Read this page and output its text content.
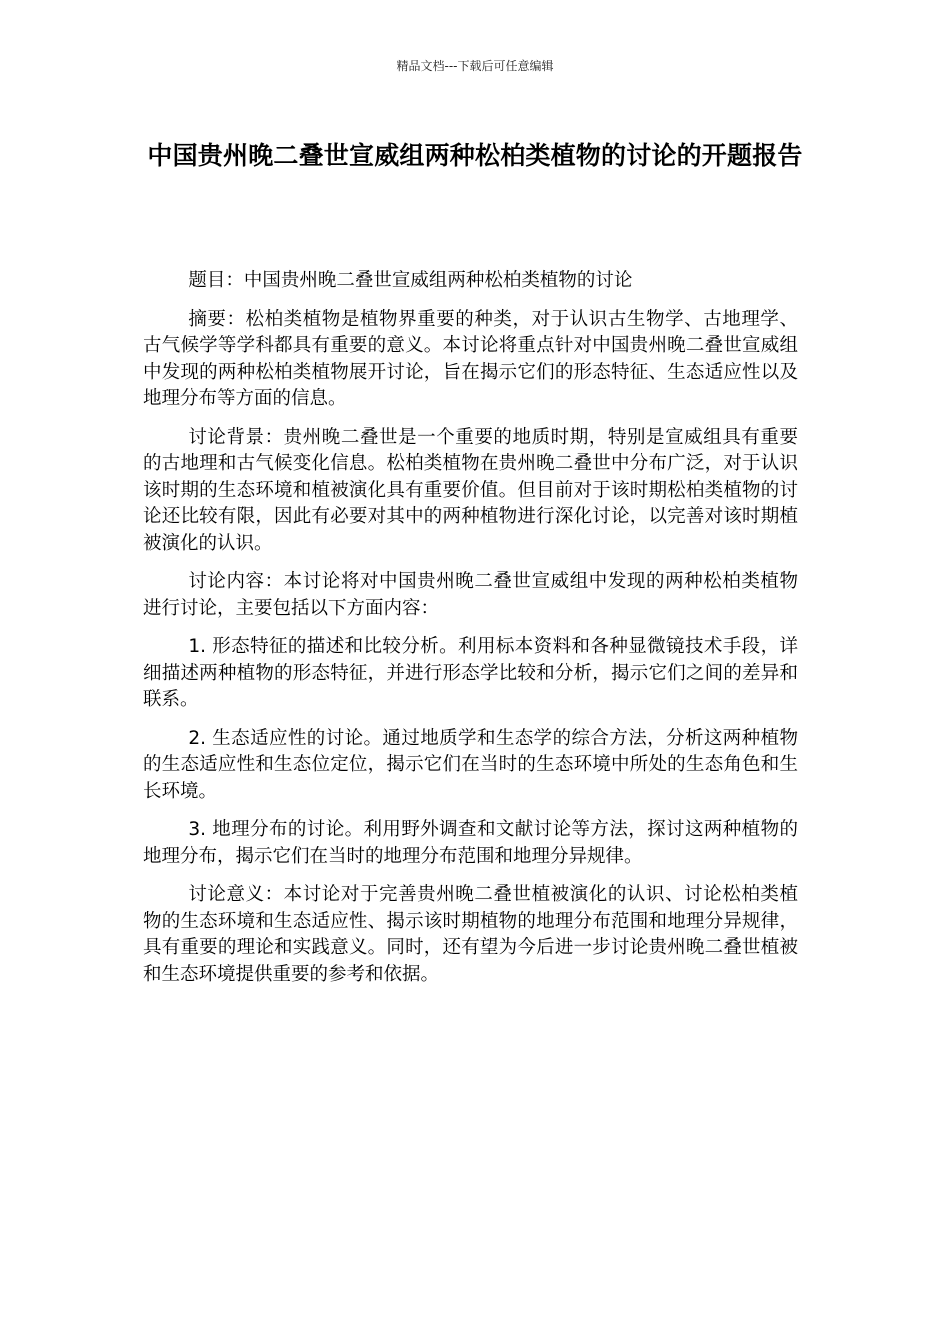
精品文档---下载后可任意编辑
中国贵州晚二叠世宣威组两种松柏类植物的讨论的开题报告

题目：中国贵州晚二叠世宣威组两种松柏类植物的讨论

摘要：松柏类植物是植物界重要的种类，对于认识古生物学、古地理学、古气候学等学科都具有重要的意义。本讨论将重点针对中国贵州晚二叠世宣威组中发现的两种松柏类植物展开讨论，旨在揭示它们的形态特征、生态适应性以及地理分布等方面的信息。

讨论背景：贵州晚二叠世是一个重要的地质时期，特别是宣威组具有重要的古地理和古气候变化信息。松柏类植物在贵州晚二叠世中分布广泛，对于认识该时期的生态环境和植被演化具有重要价值。但目前对于该时期松柏类植物的讨论还比较有限，因此有必要对其中的两种植物进行深化讨论，以完善对该时期植被演化的认识。

讨论内容：本讨论将对中国贵州晚二叠世宣威组中发现的两种松柏类植物进行讨论，主要包括以下方面内容：

1. 形态特征的描述和比较分析。利用标本资料和各种显微镜技术手段，详细描述两种植物的形态特征，并进行形态学比较和分析，揭示它们之间的差异和联系。

2. 生态适应性的讨论。通过地质学和生态学的综合方法，分析这两种植物的生态适应性和生态位定位，揭示它们在当时的生态环境中所处的生态角色和生长环境。

3. 地理分布的讨论。利用野外调查和文献讨论等方法，探讨这两种植物的地理分布，揭示它们在当时的地理分布范围和地理分异规律。

讨论意义：本讨论对于完善贵州晚二叠世植被演化的认识、讨论松柏类植物的生态环境和生态适应性、揭示该时期植物的地理分布范围和地理分异规律，具有重要的理论和实践意义。同时，还有望为今后进一步讨论贵州晚二叠世植被和生态环境提供重要的参考和依据。
